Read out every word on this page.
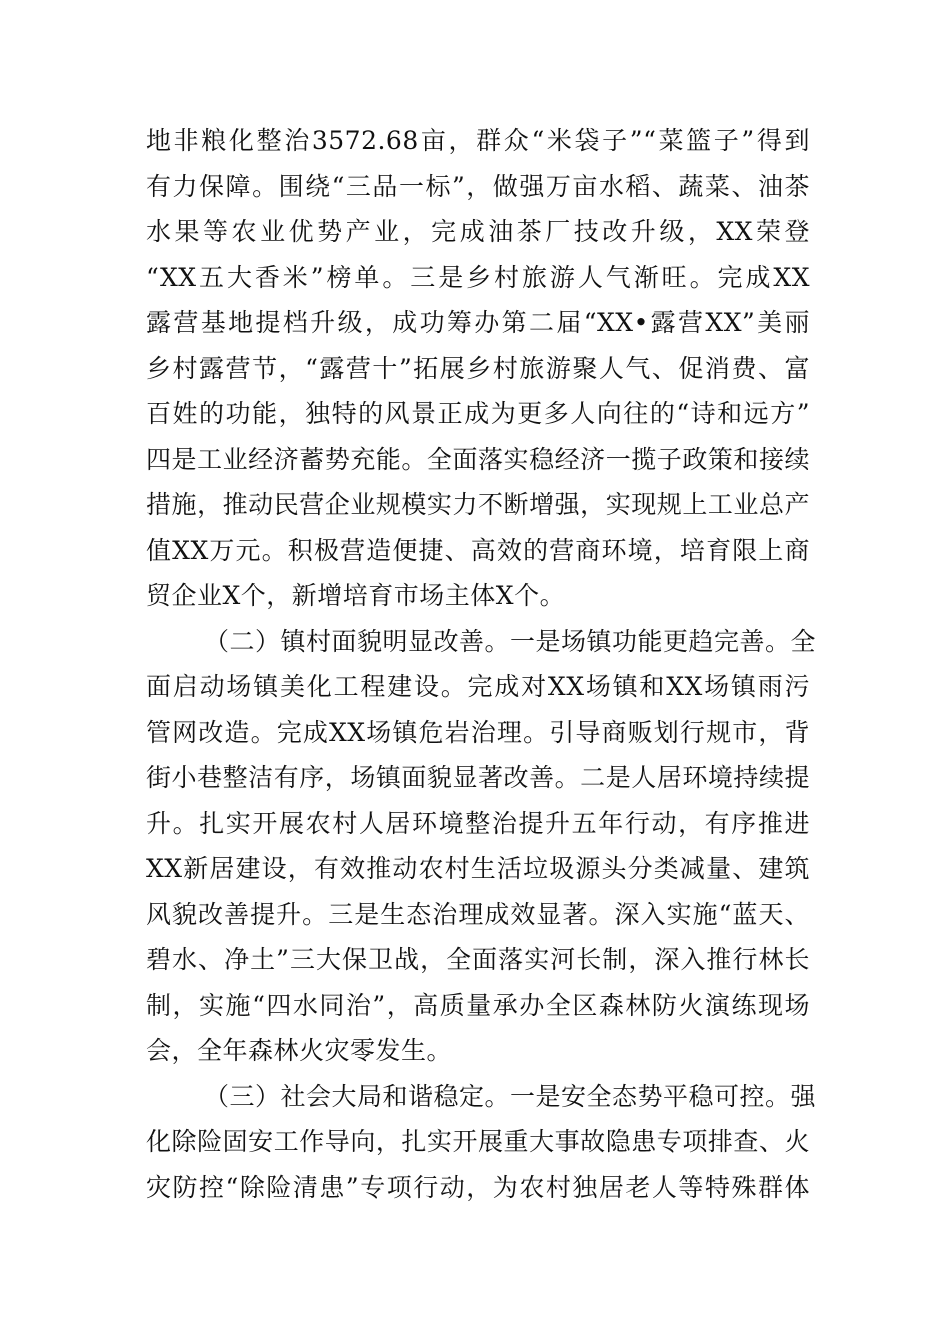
地非粮化整治3572.68亩，群众“米袋子”“菜篮子”得到
有力保障。围绕“三品一标”，做强万亩水稻、蔬菜、油茶
水果等农业优势产业，完成油茶厂技改升级，XX荣登
“XX五大香米”榜单。三是乡村旅游人气渐旺。完成XX
露营基地提档升级，成功筹办第二届“XX•露营XX”美丽
乡村露营节，“露营十”拓展乡村旅游聚人气、促消费、富
百姓的功能，独特的风景正成为更多人向往的“诗和远方”
四是工业经济蓄势充能。全面落实稳经济一揽子政策和接续
措施，推动民营企业规模实力不断增强，实现规上工业总产
值XX万元。积极营造便捷、高效的营商环境，培育限上商
贸企业X个，新增培育市场主体X个。
（二）镇村面貌明显改善。一是场镇功能更趋完善。全
面启动场镇美化工程建设。完成对XX场镇和XX场镇雨污
管网改造。完成XX场镇危岩治理。引导商贩划行规市，背
街小巷整洁有序，场镇面貌显著改善。二是人居环境持续提
升。扎实开展农村人居环境整治提升五年行动，有序推进
XX新居建设，有效推动农村生活垃圾源头分类减量、建筑
风貌改善提升。三是生态治理成效显著。深入实施“蓝天、
碧水、净土”三大保卫战，全面落实河长制，深入推行林长
制，实施“四水同治”，高质量承办全区森林防火演练现场
会，全年森林火灾零发生。
（三）社会大局和谐稳定。一是安全态势平稳可控。强
化除险固安工作导向，扎实开展重大事故隐患专项排查、火
灾防控“除险清患”专项行动，为农村独居老人等特殊群体
